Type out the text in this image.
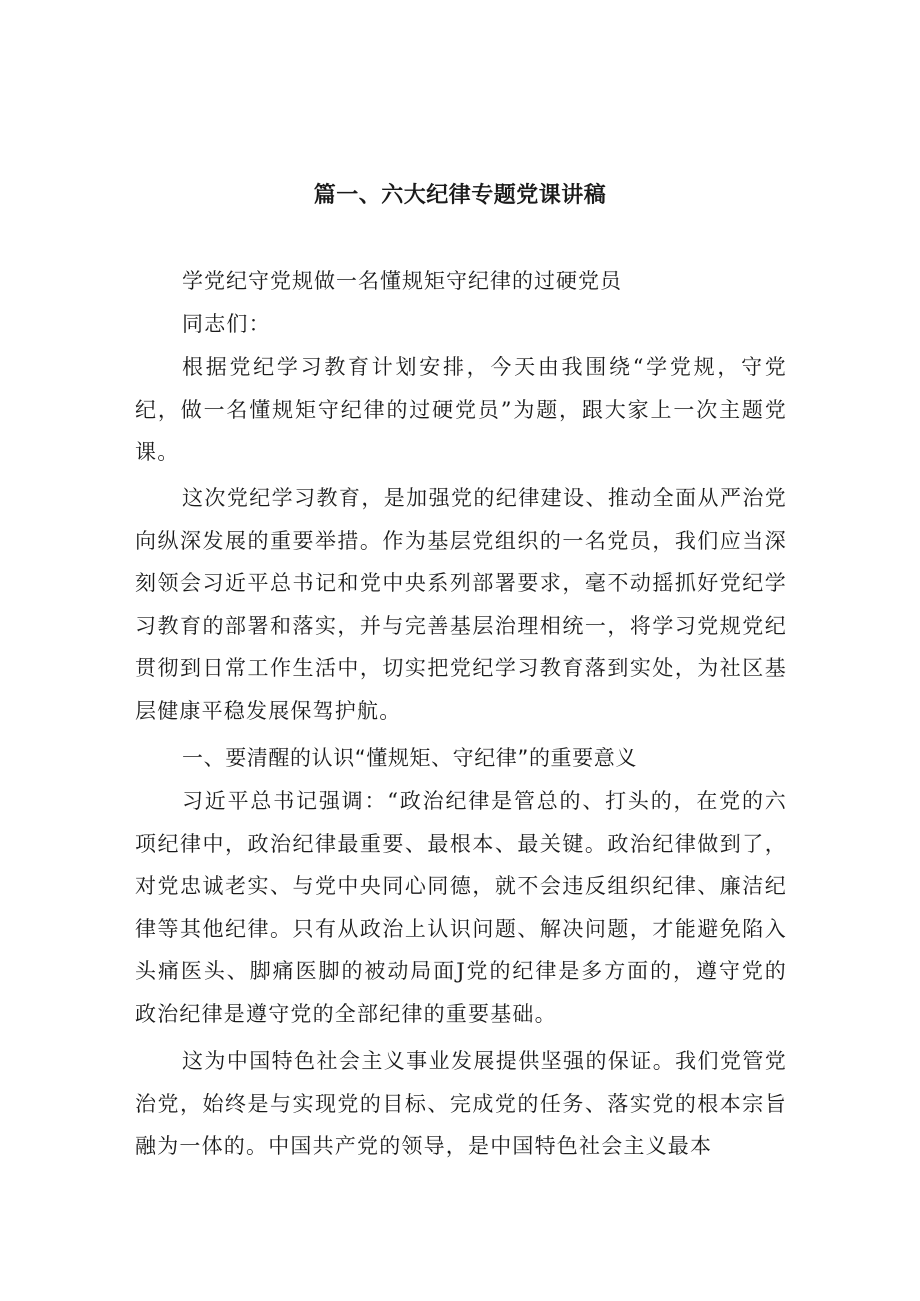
篇一、六大纪律专题党课讲稿

学党纪守党规做一名懂规矩守纪律的过硬党员

同志们：

根据党纪学习教育计划安排，今天由我围绕“学党规，守党纪，做一名懂规矩守纪律的过硬党员”为题，跟大家上一次主题党课。

这次党纪学习教育，是加强党的纪律建设、推动全面从严治党向纵深发展的重要举措。作为基层党组织的一名党员，我们应当深刻领会习近平总书记和党中央系列部署要求，毫不动摇抓好党纪学习教育的部署和落实，并与完善基层治理相统一，将学习党规党纪贯彻到日常工作生活中，切实把党纪学习教育落到实处，为社区基层健康平稳发展保驾护航。

一、要清醒的认识“懂规矩、守纪律”的重要意义

习近平总书记强调：“政治纪律是管总的、打头的，在党的六项纪律中，政治纪律最重要、最根本、最关键。政治纪律做到了，对党忠诚老实、与党中央同心同德，就不会违反组织纪律、廉洁纪律等其他纪律。只有从政治上认识问题、解决问题，才能避免陷入头痛医头、脚痛医脚的被动局面J党的纪律是多方面的，遵守党的政治纪律是遵守党的全部纪律的重要基础。

这为中国特色社会主义事业发展提供坚强的保证。我们党管党治党，始终是与实现党的目标、完成党的任务、落实党的根本宗旨融为一体的。中国共产党的领导，是中国特色社会主义最本
